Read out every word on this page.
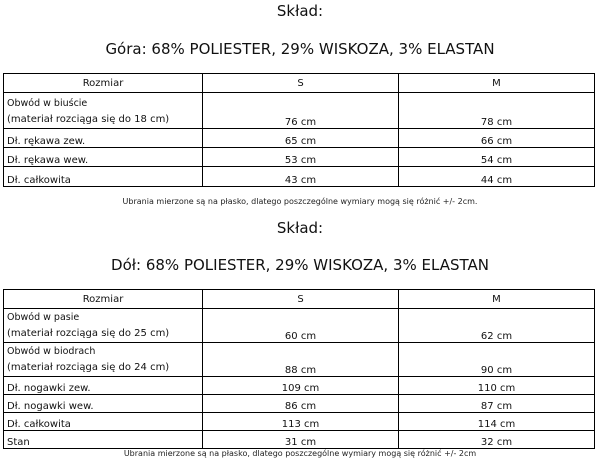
Skład:
Góra: 68% POLIESTER, 29% WISKOZA, 3% ELASTAN
Rozmiar	S	M

Obwód w biuście
(materiał rozciąga się do 18 cm)	76 cm	78 cm
Dł. rękawa zew.	65 cm	66 cm
Dł. rękawa wew.	53 cm	54 cm
Dł. całkowita	43 cm	44 cm
Ubrania mierzone są na płasko, dlatego poszczególne wymiary mogą się różnić +/- 2cm.
Skład:
Dół: 68% POLIESTER, 29% WISKOZA, 3% ELASTAN
Rozmiar	S	M

Obwód w pasie
(materiał rozciąga się do 25 cm)	60 cm	62 cm

Obwód w biodrach
(materiał rozciąga się do 24 cm)	88 cm	90 cm
Dł. nogawki zew.	109 cm	110 cm
Dł. nogawki wew.	86 cm	87 cm
Dł. całkowita	113 cm	114 cm
Stan	31 cm	32 cm
Ubrania mierzone są na płasko, dlatego poszczególne wymiary mogą się różnić +/- 2cm
